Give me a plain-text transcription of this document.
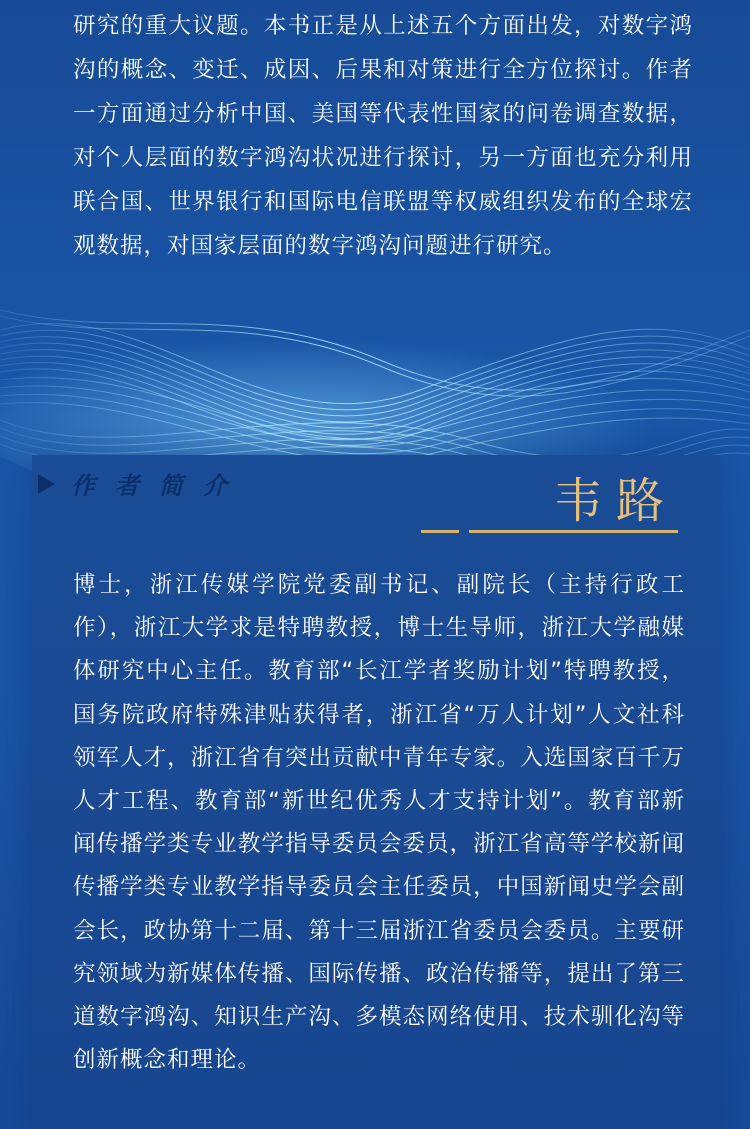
研究的重大议题。本书正是从上述五个方面出发，对数字鸿沟的概念、变迁、成因、后果和对策进行全方位探讨。作者一方面通过分析中国、美国等代表性国家的问卷调查数据，对个人层面的数字鸿沟状况进行探讨，另一方面也充分利用联合国、世界银行和国际电信联盟等权威组织发布的全球宏观数据，对国家层面的数字鸿沟问题进行研究。

作者简介	韦路

博士，浙江传媒学院党委副书记、副院长（主持行政工作），浙江大学求是特聘教授，博士生导师，浙江大学融媒体研究中心主任。教育部“长江学者奖励计划”特聘教授，国务院政府特殊津贴获得者，浙江省“万人计划”人文社科领军人才，浙江省有突出贡献中青年专家。入选国家百千万人才工程、教育部“新世纪优秀人才支持计划”。教育部新闻传播学类专业教学指导委员会委员，浙江省高等学校新闻传播学类专业教学指导委员会主任委员，中国新闻史学会副会长，政协第十二届、第十三届浙江省委员会委员。主要研究领域为新媒体传播、国际传播、政治传播等，提出了第三道数字鸿沟、知识生产沟、多模态网络使用、技术驯化沟等创新概念和理论。
